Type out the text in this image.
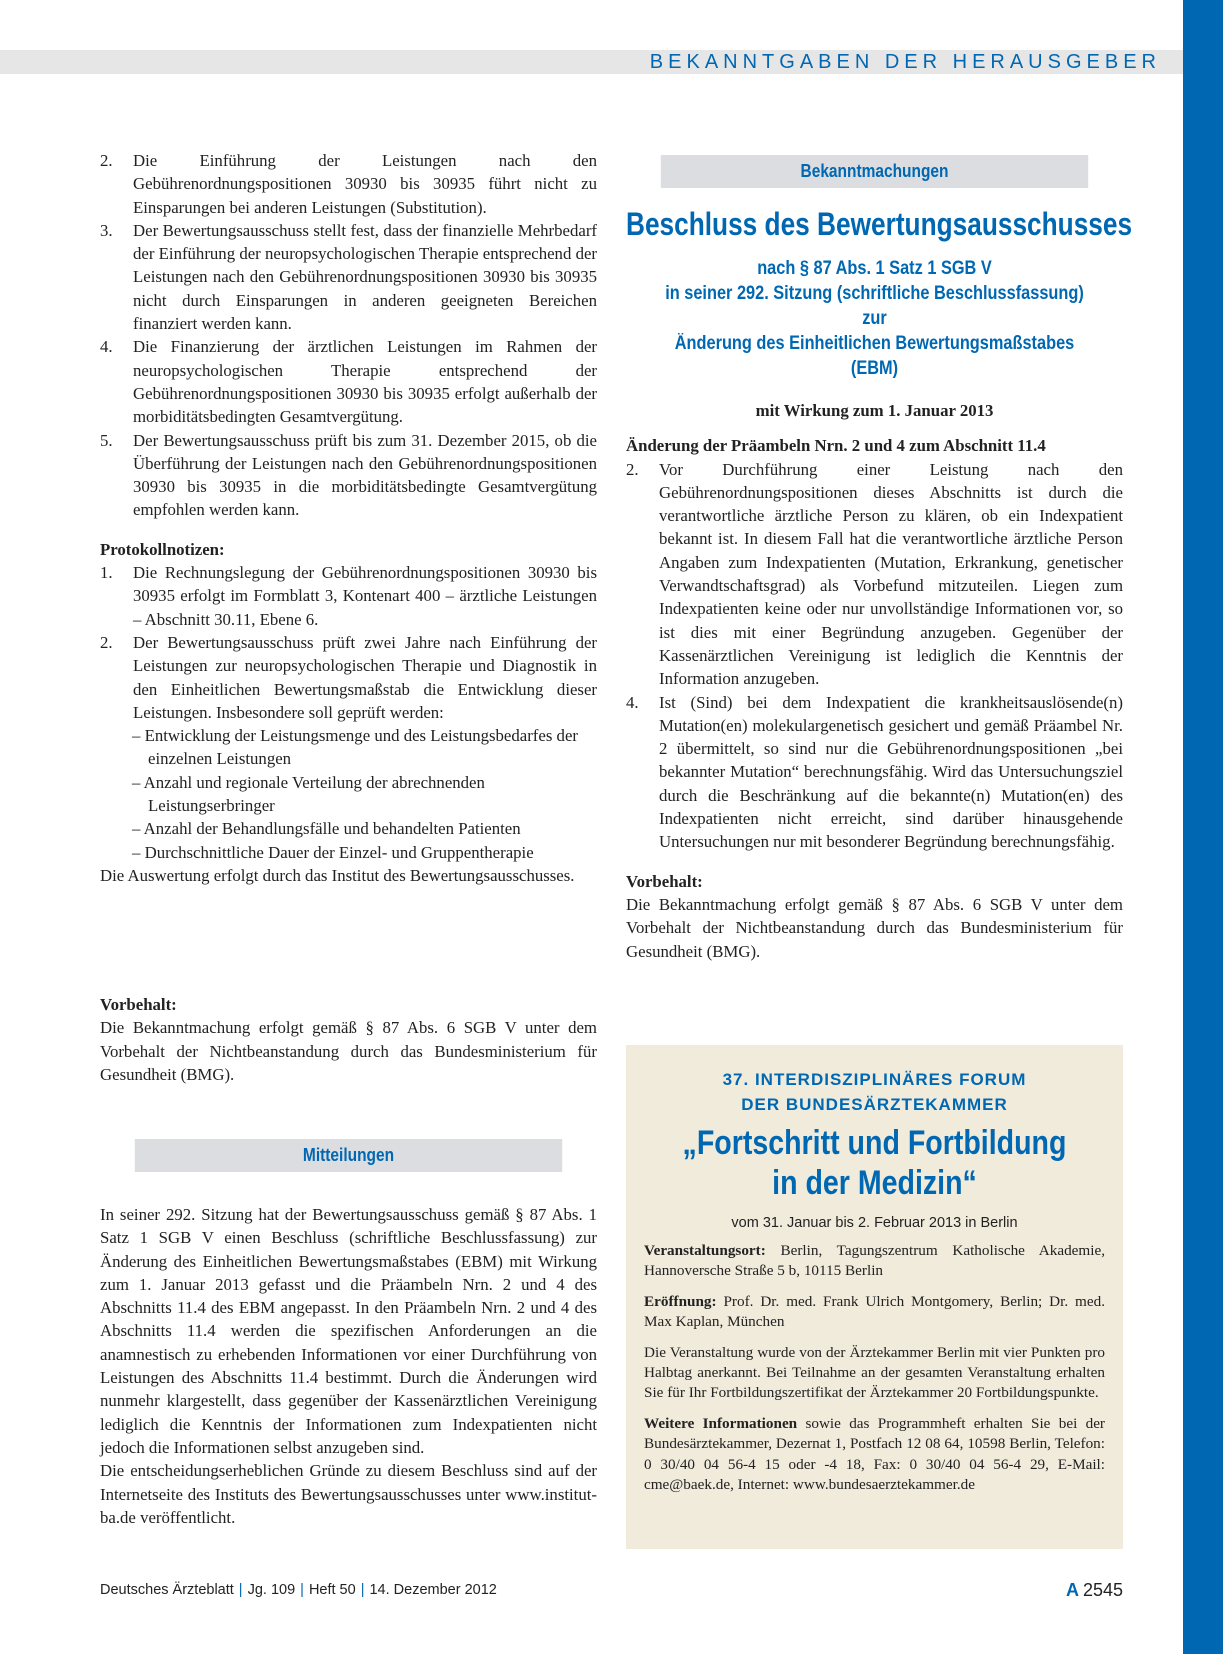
BEKANNTGABEN DER HERAUSGEBER
2. Die Einführung der Leistungen nach den Gebührenordnungspositionen 30930 bis 30935 führt nicht zu Einsparungen bei anderen Leistungen (Substitution).
3. Der Bewertungsausschuss stellt fest, dass der finanzielle Mehrbedarf der Einführung der neuropsychologischen Therapie entsprechend der Leistungen nach den Gebührenordnungspositionen 30930 bis 30935 nicht durch Einsparungen in anderen geeigneten Bereichen finanziert werden kann.
4. Die Finanzierung der ärztlichen Leistungen im Rahmen der neuropsychologischen Therapie entsprechend der Gebührenordnungspositionen 30930 bis 30935 erfolgt außerhalb der morbiditätsbedingten Gesamtvergütung.
5. Der Bewertungsausschuss prüft bis zum 31. Dezember 2015, ob die Überführung der Leistungen nach den Gebührenordnungspositionen 30930 bis 30935 in die morbiditätsbedingte Gesamtvergütung empfohlen werden kann.

Protokollnotizen:

1. Die Rechnungslegung der Gebührenordnungspositionen 30930 bis 30935 erfolgt im Formblatt 3, Kontenart 400 – ärztliche Leistungen – Abschnitt 30.11, Ebene 6.
2. Der Bewertungsausschuss prüft zwei Jahre nach Einführung der Leistungen zur neuropsychologischen Therapie und Diagnostik in den Einheitlichen Bewertungsmaßstab die Entwicklung dieser Leistungen. Insbesondere soll geprüft werden:
– Entwicklung der Leistungsmenge und des Leistungsbedarfes der einzelnen Leistungen
– Anzahl und regionale Verteilung der abrechnenden Leistungserbringer
– Anzahl der Behandlungsfälle und behandelten Patienten
– Durchschnittliche Dauer der Einzel- und Gruppentherapie

Die Auswertung erfolgt durch das Institut des Bewertungsausschusses.

Vorbehalt:

Die Bekanntmachung erfolgt gemäß § 87 Abs. 6 SGB V unter dem Vorbehalt der Nichtbeanstandung durch das Bundesministerium für Gesundheit (BMG).

Mitteilungen

In seiner 292. Sitzung hat der Bewertungsausschuss gemäß § 87 Abs. 1 Satz 1 SGB V einen Beschluss (schriftliche Beschlussfassung) zur Änderung des Einheitlichen Bewertungsmaßstabes (EBM) mit Wirkung zum 1. Januar 2013 gefasst und die Präambeln Nrn. 2 und 4 des Abschnitts 11.4 des EBM angepasst. In den Präambeln Nrn. 2 und 4 des Abschnitts 11.4 werden die spezifischen Anforderungen an die anamnestisch zu erhebenden Informationen vor einer Durchführung von Leistungen des Abschnitts 11.4 bestimmt. Durch die Änderungen wird nunmehr klargestellt, dass gegenüber der Kassenärztlichen Vereinigung lediglich die Kenntnis der Informationen zum Indexpatienten nicht jedoch die Informationen selbst anzugeben sind.

Die entscheidungserheblichen Gründe zu diesem Beschluss sind auf der Internetseite des Instituts des Bewertungsausschusses unter www.institut-ba.de veröffentlicht.

Bekanntmachungen
Beschluss des Bewertungsausschusses
nach § 87 Abs. 1 Satz 1 SGB V
in seiner 292. Sitzung (schriftliche Beschlussfassung) zur
Änderung des Einheitlichen Bewertungsmaßstabes (EBM)

mit Wirkung zum 1. Januar 2013

Änderung der Präambeln Nrn. 2 und 4 zum Abschnitt 11.4

2. Vor Durchführung einer Leistung nach den Gebührenordnungspositionen dieses Abschnitts ist durch die verantwortliche ärztliche Person zu klären, ob ein Indexpatient bekannt ist. In diesem Fall hat die verantwortliche ärztliche Person Angaben zum Indexpatienten (Mutation, Erkrankung, genetischer Verwandtschaftsgrad) als Vorbefund mitzuteilen. Liegen zum Indexpatienten keine oder nur unvollständige Informationen vor, so ist dies mit einer Begründung anzugeben. Gegenüber der Kassenärztlichen Vereinigung ist lediglich die Kenntnis der Information anzugeben.
4. Ist (Sind) bei dem Indexpatient die krankheitsauslösende(n) Mutation(en) molekulargenetisch gesichert und gemäß Präambel Nr. 2 übermittelt, so sind nur die Gebührenordnungspositionen „bei bekannter Mutation“ berechnungsfähig. Wird das Untersuchungsziel durch die Beschränkung auf die bekannte(n) Mutation(en) des Indexpatienten nicht erreicht, sind darüber hinausgehende Untersuchungen nur mit besonderer Begründung berechnungsfähig.

Vorbehalt:

Die Bekanntmachung erfolgt gemäß § 87 Abs. 6 SGB V unter dem Vorbehalt der Nichtbeanstandung durch das Bundesministerium für Gesundheit (BMG).

37. INTERDISZIPLINÄRES FORUM
DER BUNDESÄRZTEKAMMER
„Fortschritt und Fortbildung
in der Medizin“
vom 31. Januar bis 2. Februar 2013 in Berlin

Veranstaltungsort: Berlin, Tagungszentrum Katholische Akademie, Hannoversche Straße 5 b, 10115 Berlin

Eröffnung: Prof. Dr. med. Frank Ulrich Montgomery, Berlin; Dr. med. Max Kaplan, München

Die Veranstaltung wurde von der Ärztekammer Berlin mit vier Punkten pro Halbtag anerkannt. Bei Teilnahme an der gesamten Veranstaltung erhalten Sie für Ihr Fortbildungszertifikat der Ärztekammer 20 Fortbildungspunkte.

Weitere Informationen sowie das Programmheft erhalten Sie bei der Bundesärztekammer, Dezernat 1, Postfach 12 08 64, 10598 Berlin, Telefon: 0 30/40 04 56-4 15 oder -4 18, Fax: 0 30/40 04 56-4 29, E-Mail: cme@baek.de, Internet: www.bundesaerztekammer.de

Deutsches Ärzteblatt | Jg. 109 | Heft 50 | 14. Dezember 2012	A 2545
